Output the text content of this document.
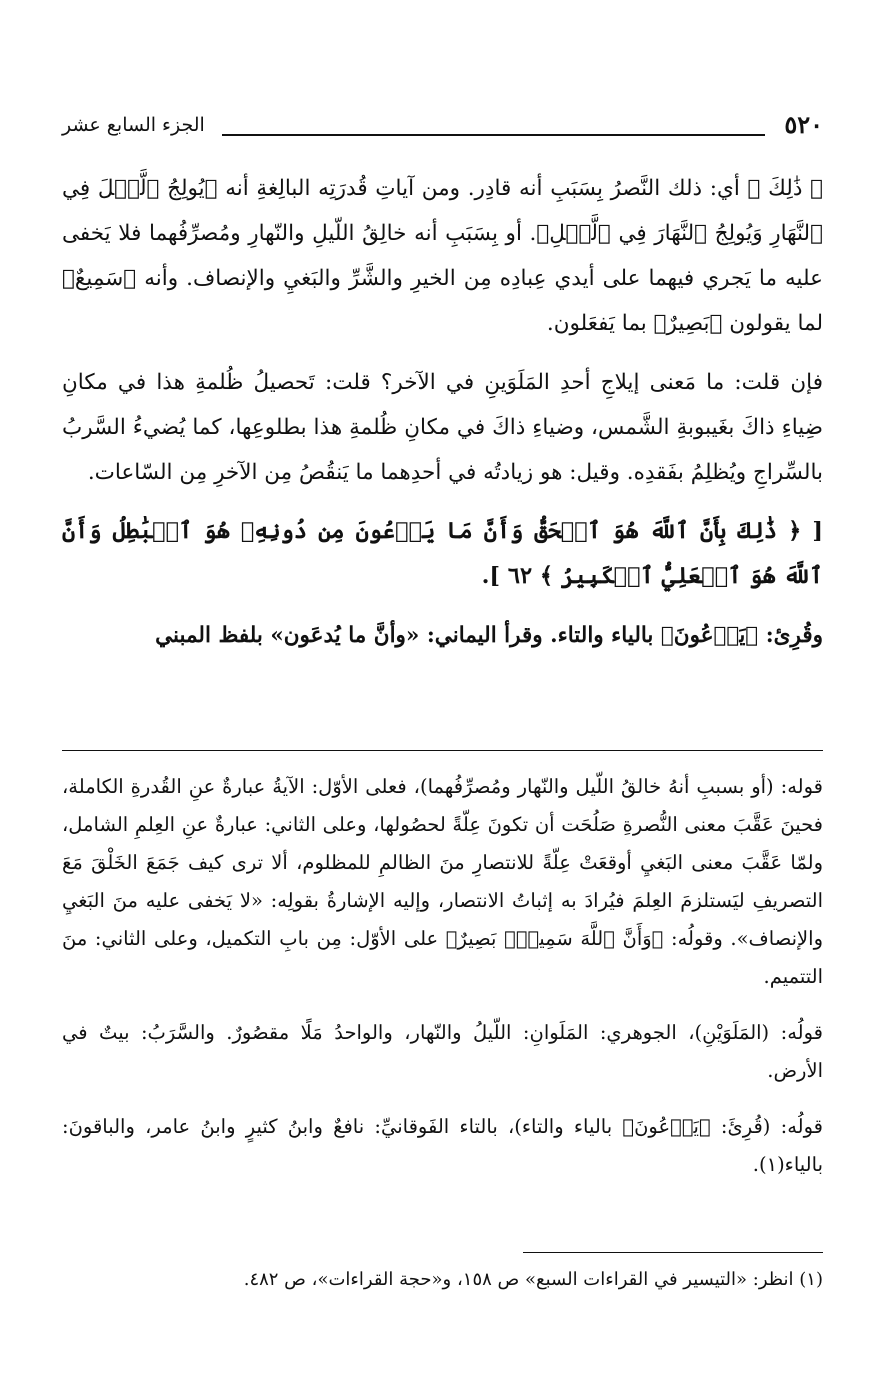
٥٢٠
الجزء السابع عشر

﴿ ذَٰلِكَ ﴾ أي: ذلك النَّصرُ بِسَبَبِ أنه قادِر. ومن آياتِ قُدرَتِه البالِغةِ أنه ﴿يُولِجُ ٱلَّيۡلَ فِي ٱلنَّهَارِ وَيُولِجُ ٱلنَّهَارَ فِي ٱلَّيۡلِ﴾. أو بِسَبَبِ أنه خالِقُ اللّيلِ والنّهارِ ومُصرِّفُهما فلا يَخفى عليه ما يَجري فيهما على أيدي عِبادِه مِن الخيرِ والشَّرِّ والبَغيِ والإنصاف. وأنه ﴿سَمِيعٌ﴾ لما يقولون ﴿بَصِيرٌ﴾ بما يَفعَلون.

فإن قلت: ما مَعنى إيلاجِ أحدِ المَلَوَينِ في الآخر؟ قلت: تَحصيلُ ظُلمةِ هذا في مكانِ ضِياءِ ذاكَ بغَيبوبةِ الشَّمس، وضياءِ ذاكَ في مكانِ ظُلمةِ هذا بطلوعِها، كما يُضيءُ السَّربُ بالسِّراجِ ويُظلِمُ بفَقدِه. وقيل: هو زيادتُه في أحدِهما ما يَنقُصُ مِن الآخرِ مِن السّاعات.

[ ﴿ ذَٰلِكَ بِأَنَّ ٱللَّهَ هُوَ ٱلۡحَقُّ وَأَنَّ مَا يَدۡعُونَ مِن دُونِهِۦ هُوَ ٱلۡبَٰطِلُ وَأَنَّ ٱللَّهَ هُوَ ٱلۡعَلِيُّ ٱلۡكَبِيرُ ﴾ ٦٢ ].

وقُرِئ: ﴿يَدۡعُونَ﴾ بالياء والتاء. وقرأ اليماني: «وأنَّ ما يُدعَون» بلفظ المبني

قوله: (أو بسببِ أنهُ خالقُ اللّيل والنّهار ومُصرِّفُهما)، فعلى الأوّل: الآيةُ عبارةٌ عنِ القُدرةِ الكاملة، فحينَ عَقَّبَ معنى النُّصرةِ صَلُحَت أن تكونَ عِلّةً لحصُولها، وعلى الثاني: عبارةٌ عنِ العِلمِ الشامل، ولمّا عَقَّبَ معنى البَغيِ أوقعَتْ عِلّةً للانتصارِ منَ الظالمِ للمظلوم، ألا ترى كيف جَمَعَ الخَلْقَ مَعَ التصريفِ ليَستلزمَ العِلمَ فيُرادَ به إثباتُ الانتصار، وإليه الإشارةُ بقولِه: «لا يَخفى عليه منَ البَغيِ والإنصاف». وقولُه: ﴿وَأَنَّ ٱللَّهَ سَمِيعٌۢ بَصِيرٌ﴾ على الأوّل: مِن بابِ التكميل، وعلى الثاني: منَ التتميم.

قولُه: (المَلَوَيْنِ)، الجوهري: المَلَوانِ: اللّيلُ والنّهار، والواحدُ مَلًا مقصُورٌ. والسَّرَبُ: بيتٌ في الأرض.

قولُه: (قُرِئَ: ﴿يَدۡعُونَ﴾ بالياء والتاء)، بالتاء الفَوقانيِّ: نافعٌ وابنُ كثيرٍ وابنُ عامر، والباقونَ: بالياء(١).

(١) انظر: «التيسير في القراءات السبع» ص ١٥٨، و«حجة القراءات»، ص ٤٨٢.
